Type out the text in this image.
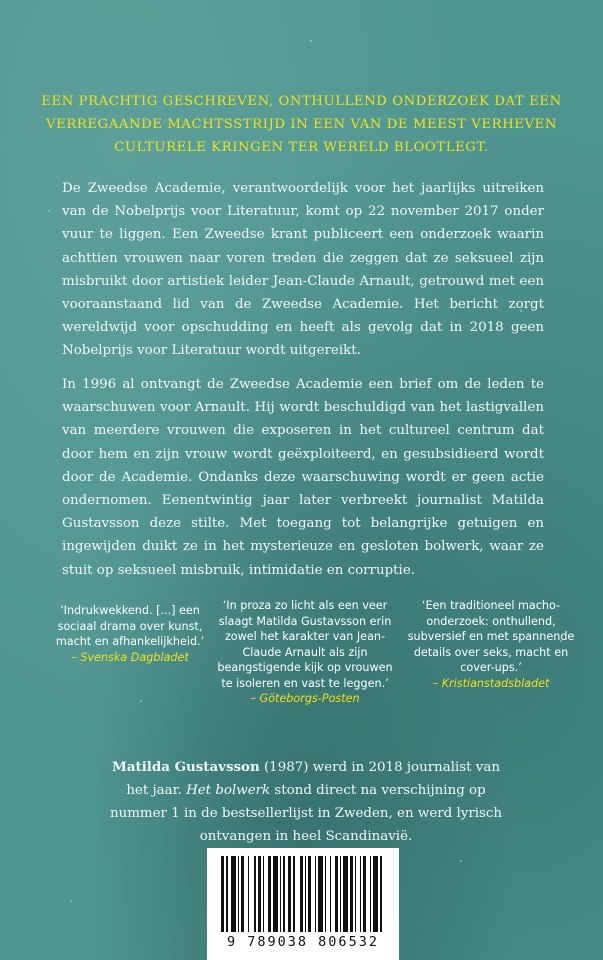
EEN PRACHTIG GESCHREVEN, ONTHULLEND ONDERZOEK DAT EEN VERREGAANDE MACHTSSTRIJD IN EEN VAN DE MEEST VERHEVEN CULTURELE KRINGEN TER WERELD BLOOTLEGT.
De Zweedse Academie, verantwoordelijk voor het jaarlijks uitreiken van de Nobelprijs voor Literatuur, komt op 22 november 2017 onder vuur te liggen. Een Zweedse krant publiceert een onderzoek waarin achttien vrouwen naar voren treden die zeggen dat ze seksueel zijn misbruikt door artistiek leider Jean-Claude Arnault, getrouwd met een vooraanstaand lid van de Zweedse Academie. Het bericht zorgt wereldwijd voor opschudding en heeft als gevolg dat in 2018 geen Nobelprijs voor Literatuur wordt uitgereikt.
In 1996 al ontvangt de Zweedse Academie een brief om de leden te waarschuwen voor Arnault. Hij wordt beschuldigd van het lastigvallen van meerdere vrouwen die exposeren in het cultureel centrum dat door hem en zijn vrouw wordt geëxploiteerd, en gesubsidieerd wordt door de Academie. Ondanks deze waarschuwing wordt er geen actie ondernomen. Eenentwintig jaar later verbreekt journalist Matilda Gustavsson deze stilte. Met toegang tot belangrijke getuigen en ingewijden duikt ze in het mysterieuze en gesloten bolwerk, waar ze stuit op seksueel misbruik, intimidatie en corruptie.
‘Indrukwekkend. [...] een sociaal drama over kunst, macht en afhankelijkheid.’
– Svenska Dagbladet
‘In proza zo licht als een veer slaagt Matilda Gustavsson erin zowel het karakter van Jean-Claude Arnault als zijn beangstigende kijk op vrouwen te isoleren en vast te leggen.’
– Göteborgs-Posten
‘Een traditioneel macho-onderzoek: onthullend, subversief en met spannende details over seks, macht en cover-ups.’
– Kristianstadsbladet
Matilda Gustavsson (1987) werd in 2018 journalist van het jaar. Het bolwerk stond direct na verschijning op nummer 1 in de bestsellerlijst in Zweden, en werd lyrisch ontvangen in heel Scandinavië.
9 789038 806532
